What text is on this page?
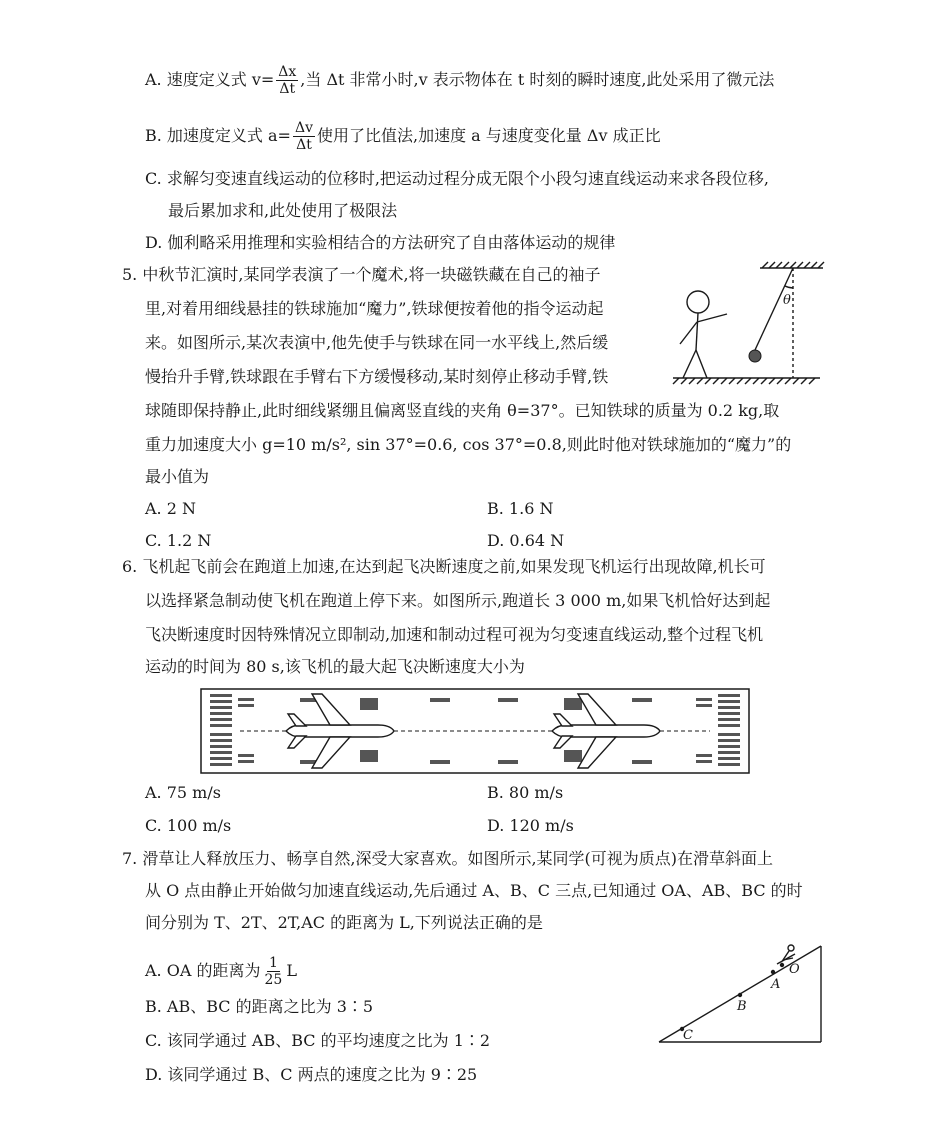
A. 速度定义式 $v= \frac{\Delta x}{\Delta t}$ ,当 Δt 非常小时,v 表示物体在 t 时刻的瞬时速度,此处采用了微元法
B. 加速度定义式 $a= \frac{\Delta v}{\Delta t}$ 使用了比值法,加速度 a 与速度变化量 Δv 成正比
C. 求解匀变速直线运动的位移时,把运动过程分成无限个小段匀速直线运动来求各段位移,
最后累加求和,此处使用了极限法
D. 伽利略采用推理和实验相结合的方法研究了自由落体运动的规律
5. 中秋节汇演时,某同学表演了一个魔术,将一块磁铁藏在自己的袖子
里,对着用细线悬挂的铁球施加“魔力”,铁球便按着他的指令运动起
来。如图所示,某次表演中,他先使手与铁球在同一水平线上,然后缓
慢抬升手臂,铁球跟在手臂右下方缓慢移动,某时刻停止移动手臂,铁
球随即保持静止,此时细线紧绷且偏离竖直线的夹角 θ=37°。已知铁球的质量为 0.2 kg,取
重力加速度大小 g=10 m/s², sin 37°=0.6, cos 37°=0.8,则此时他对铁球施加的“魔力”的
最小值为
A. 2 N	B. 1.6 N
C. 1.2 N	D. 0.64 N
θ
6. 飞机起飞前会在跑道上加速,在达到起飞决断速度之前,如果发现飞机运行出现故障,机长可
以选择紧急制动使飞机在跑道上停下来。如图所示,跑道长 3 000 m,如果飞机恰好达到起
飞决断速度时因特殊情况立即制动,加速和制动过程可视为匀变速直线运动,整个过程飞机
运动的时间为 80 s,该飞机的最大起飞决断速度大小为
A. 75 m/s	B. 80 m/s
C. 100 m/s	D. 120 m/s
7. 滑草让人释放压力、畅享自然,深受大家喜欢。如图所示,某同学(可视为质点)在滑草斜面上
从 O 点由静止开始做匀加速直线运动,先后通过 A、B、C 三点,已知通过 OA、AB、BC 的时
间分别为 T、2T、2T,AC 的距离为 L,下列说法正确的是
A. OA 的距离为 $\frac{1}{25}$ L
B. AB、BC 的距离之比为 3∶5
C. 该同学通过 AB、BC 的平均速度之比为 1∶2
D. 该同学通过 B、C 两点的速度之比为 9∶25
O
A
B
C
